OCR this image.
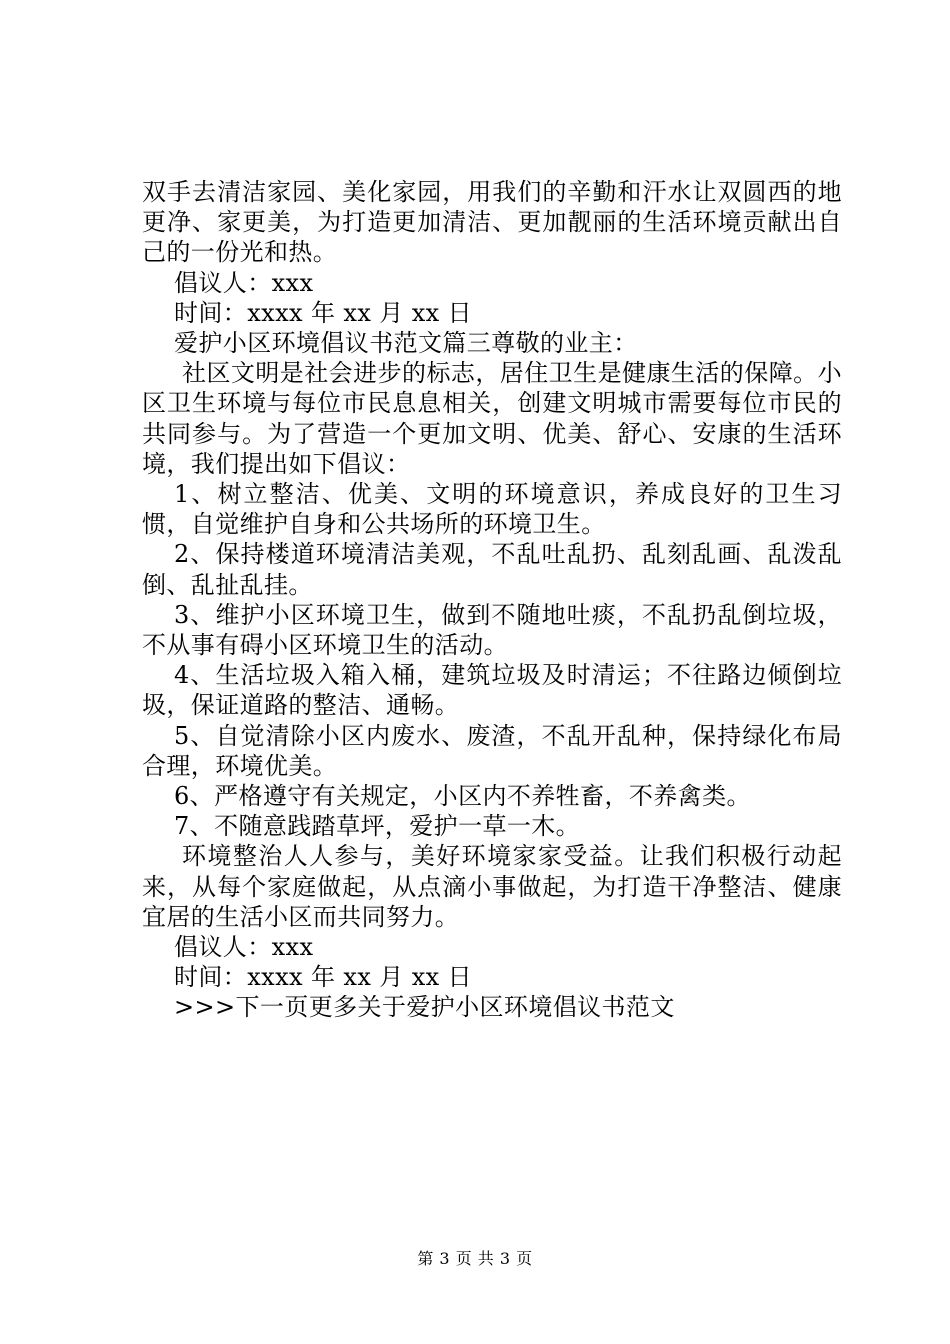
双手去清洁家园、美化家园，用我们的辛勤和汗水让双圆西的地更净、家更美，为打造更加清洁、更加靓丽的生活环境贡献出自己的一份光和热。

倡议人：xxx

时间：xxxx 年 xx 月 xx 日

爱护小区环境倡议书范文篇三尊敬的业主：

社区文明是社会进步的标志，居住卫生是健康生活的保障。小区卫生环境与每位市民息息相关，创建文明城市需要每位市民的共同参与。为了营造一个更加文明、优美、舒心、安康的生活环境，我们提出如下倡议：

1、树立整洁、优美、文明的环境意识，养成良好的卫生习惯，自觉维护自身和公共场所的环境卫生。

2、保持楼道环境清洁美观，不乱吐乱扔、乱刻乱画、乱泼乱倒、乱扯乱挂。

3、维护小区环境卫生，做到不随地吐痰，不乱扔乱倒垃圾，不从事有碍小区环境卫生的活动。

4、生活垃圾入箱入桶，建筑垃圾及时清运；不往路边倾倒垃圾，保证道路的整洁、通畅。

5、自觉清除小区内废水、废渣，不乱开乱种，保持绿化布局合理，环境优美。

6、严格遵守有关规定，小区内不养牲畜，不养禽类。

7、不随意践踏草坪，爱护一草一木。

环境整治人人参与，美好环境家家受益。让我们积极行动起来，从每个家庭做起，从点滴小事做起，为打造干净整洁、健康宜居的生活小区而共同努力。

倡议人：xxx

时间：xxxx 年 xx 月 xx 日

>>>下一页更多关于爱护小区环境倡议书范文

第 3 页 共 3 页
